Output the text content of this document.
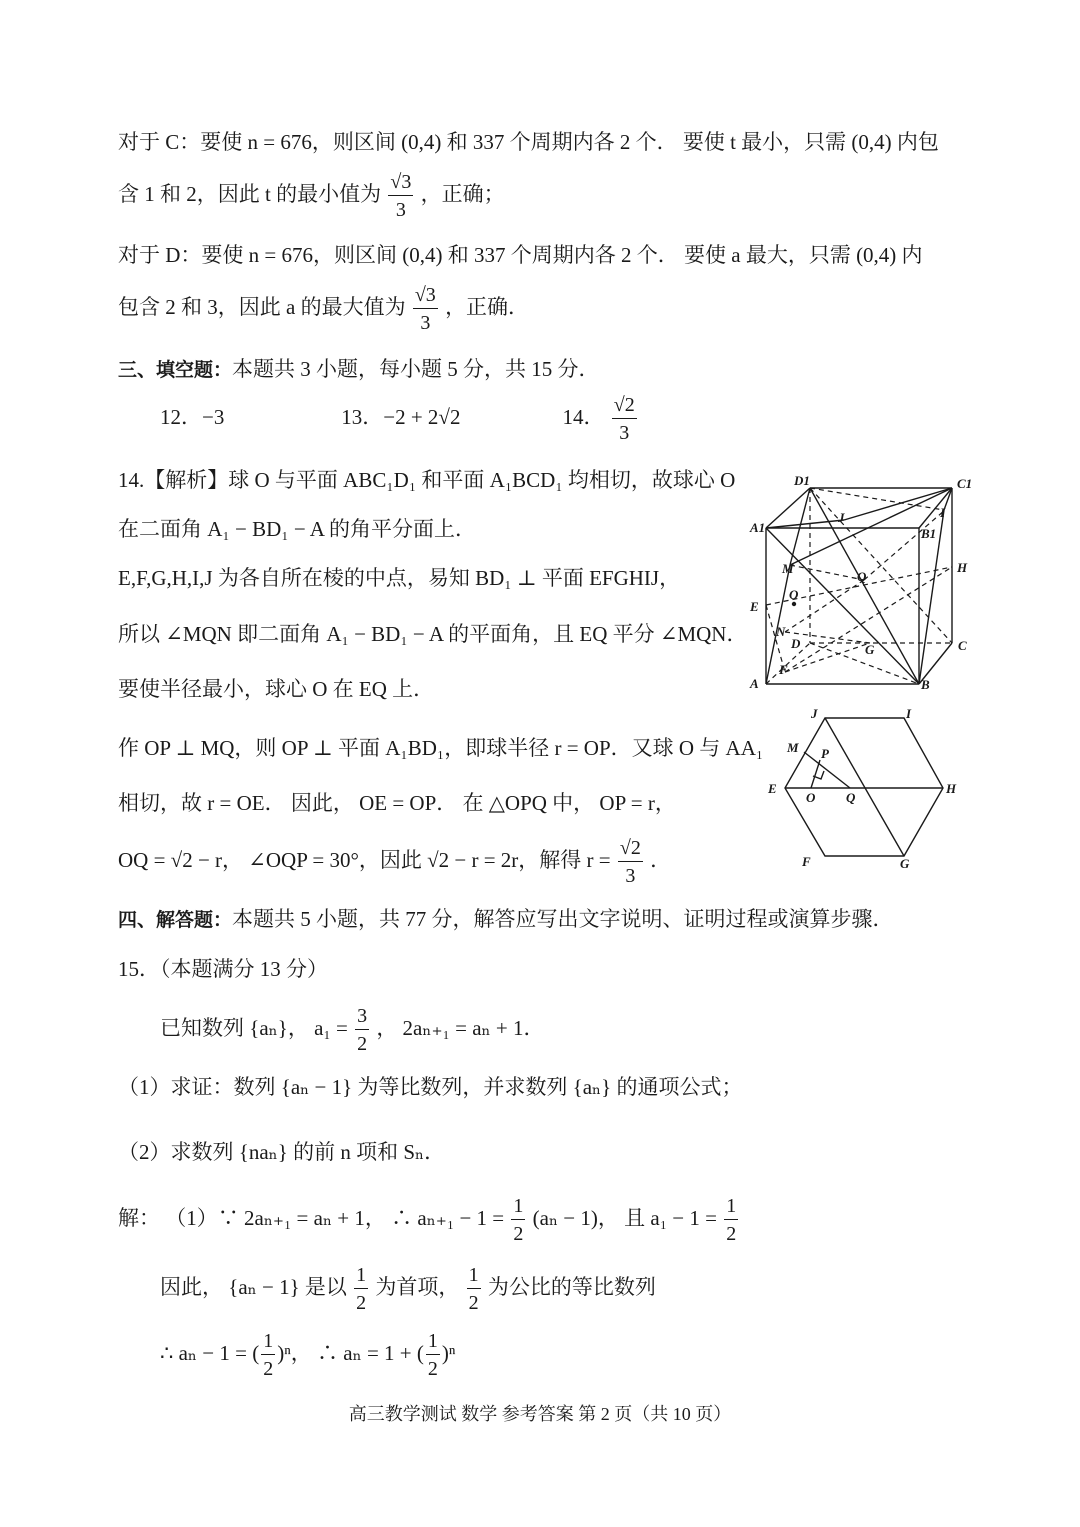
对于 C：要使 n = 676，则区间 (0,4) 和 337 个周期内各 2 个． 要使 t 最小，只需 (0,4) 内包
含 1 和 2，因此 t 的最小值为 $\frac{√3}{3}$ ，正确；
对于 D：要使 n = 676，则区间 (0,4) 和 337 个周期内各 2 个． 要使 a 最大，只需 (0,4) 内
包含 2 和 3，因此 a 的最大值为 $\frac{√3}{3}$ ，正确．
三、填空题：本题共 3 小题，每小题 5 分，共 15 分．
12．−3	13．−2 + 2√2	14． $\frac{√2}{3}$
14.【解析】球 O 与平面 ABC₁D₁ 和平面 A₁BCD₁ 均相切，故球心 O
在二面角 A₁ − BD₁ − A 的角平分面上．
E,F,G,H,I,J 为各自所在棱的中点，易知 BD₁ ⊥ 平面 EFGHIJ，
所以 ∠MQN 即二面角 A₁ − BD₁ − A 的平面角，且 EQ 平分 ∠MQN．
要使半径最小，球心 O 在 EQ 上．
作 OP ⊥ MQ，则 OP ⊥ 平面 A₁BD₁，即球半径 r = OP．又球 O 与 AA₁
相切，故 r = OE． 因此， OE = OP． 在 △OPQ 中， OP = r，
OQ = √2 − r， ∠OQP = 30°，因此 √2 − r = 2r，解得 $r = \frac{√2}{3}$ ．
四、解答题：本题共 5 小题，共 77 分，解答应写出文字说明、证明过程或演算步骤．
15．（本题满分 13 分）
已知数列 {aₙ}， $a_1 = \frac{3}{2}$ ， 2aₙ₊₁ = aₙ + 1．
（1）求证：数列 {aₙ − 1} 为等比数列，并求数列 {aₙ} 的通项公式；
（2）求数列 {naₙ} 的前 n 项和 Sₙ．
解： （1）∵ 2aₙ₊₁ = aₙ + 1， ∴ $a_{n+1} - 1 = \frac{1}{2} (a_n - 1)$， 且 $a_1 - 1 = \frac{1}{2}$
因此， {aₙ − 1} 是以 $\frac{1}{2}$ 为首项， $\frac{1}{2}$ 为公比的等比数列
∴ aₙ − 1 = ( $\frac{1}{2} )^n$， ∴ aₙ = 1 + ( $\frac{1}{2} )^n$
D1	C1
A1	B1
J	I
H
M
Q
E
O
N
D	G	C
F
A	B
J	I
M P
E
O Q
H
F	G
高三教学测试 数学 参考答案 第 2 页（共 10 页）
